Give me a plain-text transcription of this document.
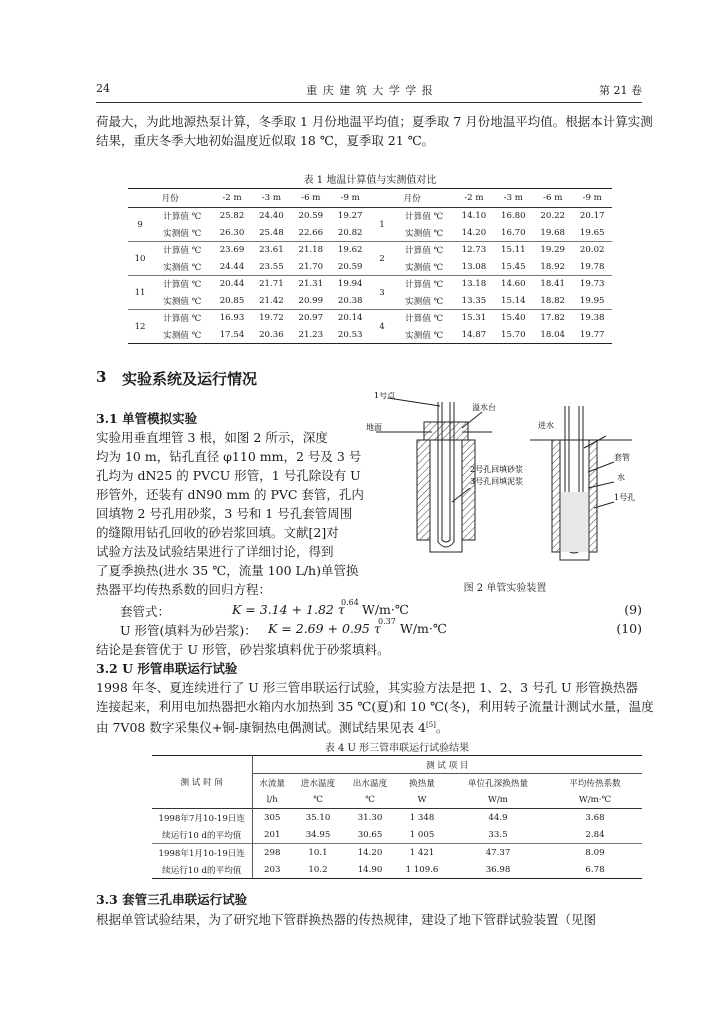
24	重 庆 建 筑 大 学 学 报	第 21 卷
荷最大，为此地源热泵计算，冬季取 1 月份地温平均值；夏季取 7 月份地温平均值。根据本计算实测
结果，重庆冬季大地初始温度近似取 18 ℃，夏季取 21 ℃。
表 1 地温计算值与实测值对比
月份		-2 m	-3 m	-6 m	-9 m	月份		-2 m	-3 m	-6 m	-9 m
9	计算值 ℃	25.82	24.40	20.59	19.27	1	计算值 ℃	14.10	16.80	20.22	20.17
	实测值 ℃	26.30	25.48	22.66	20.82		实测值 ℃	14.20	16.70	19.68	19.65
10	计算值 ℃	23.69	23.61	21.18	19.62	2	计算值 ℃	12.73	15.11	19.29	20.02
	实测值 ℃	24.44	23.55	21.70	20.59		实测值 ℃	13.08	15.45	18.92	19.78
11	计算值 ℃	20.44	21.71	21.31	19.94	3	计算值 ℃	13.18	14.60	18.41	19.73
	实测值 ℃	20.85	21.42	20.99	20.38		实测值 ℃	13.35	15.14	18.82	19.95
12	计算值 ℃	16.93	19.72	20.97	20.14	4	计算值 ℃	15.31	15.40	17.82	19.38
	实测值 ℃	17.54	20.36	21.23	20.53		实测值 ℃	14.87	15.70	18.04	19.77
3 实验系统及运行情况
3.1 单管模拟实验
实验用垂直埋管 3 根，如图 2 所示，深度
均为 10 m，钻孔直径 φ110 mm，2 号及 3 号
孔均为 dN25 的 PVCU 形管，1 号孔除设有 U
形管外，还装有 dN90 mm 的 PVC 套管，孔内
回填物 2 号孔用砂浆，3 号和 1 号孔套管周围
的缝隙用钻孔回收的砂岩浆回填。文献[2]对
试验方法及试验结果进行了详细讨论，得到
了夏季换热(进水 35 ℃，流量 100 L/h)单管换
热器平均传热系数的回归方程：
1号点
地面
溢水台
2号孔回填砂浆
3号孔回填泥浆
进水
套管
水
1号孔
图 2 单管实验装置
套管式：	K = 3.14 + 1.82 τ
0.64 W/m·℃	(9)
U 形管(填料为砂岩浆)： K = 2.69 + 0.95 τ
0.37 W/m·℃	(10)
结论是套管优于 U 形管，砂岩浆填料优于砂浆填料。
3.2 U 形管串联运行试验
1998 年冬、夏连续进行了 U 形三管串联运行试验，其实验方法是把 1、2、3 号孔 U 形管换热器
连接起来，利用电加热器把水箱内水加热到 35 ℃(夏)和 10 ℃(冬)，利用转子流量计测试水量，温度
由 7V08 数字采集仪+铜-康铜热电偶测试。测试结果见表 4[5]。
表 4 U 形三管串联运行试验结果
测 试 时 间	测 试 项 目					
	水流量	进水温度	出水温度	换热量	单位孔深换热量	平均传热系数
	l/h	℃	℃	W	W/m	W/m·℃
1998年7月10-19日连	305	35.10	31.30	1 348	44.9	3.68
续运行10 d的平均值	201	34.95	30.65	1 005	33.5	2.84
1998年1月10-19日连	298	10.1	14.20	1 421	47.37	8.09
续运行10 d的平均值	203	10.2	14.90	1 109.6	36.98	6.78
3.3 套管三孔串联运行试验
根据单管试验结果，为了研究地下管群换热器的传热规律，建设了地下管群试验装置（见图
